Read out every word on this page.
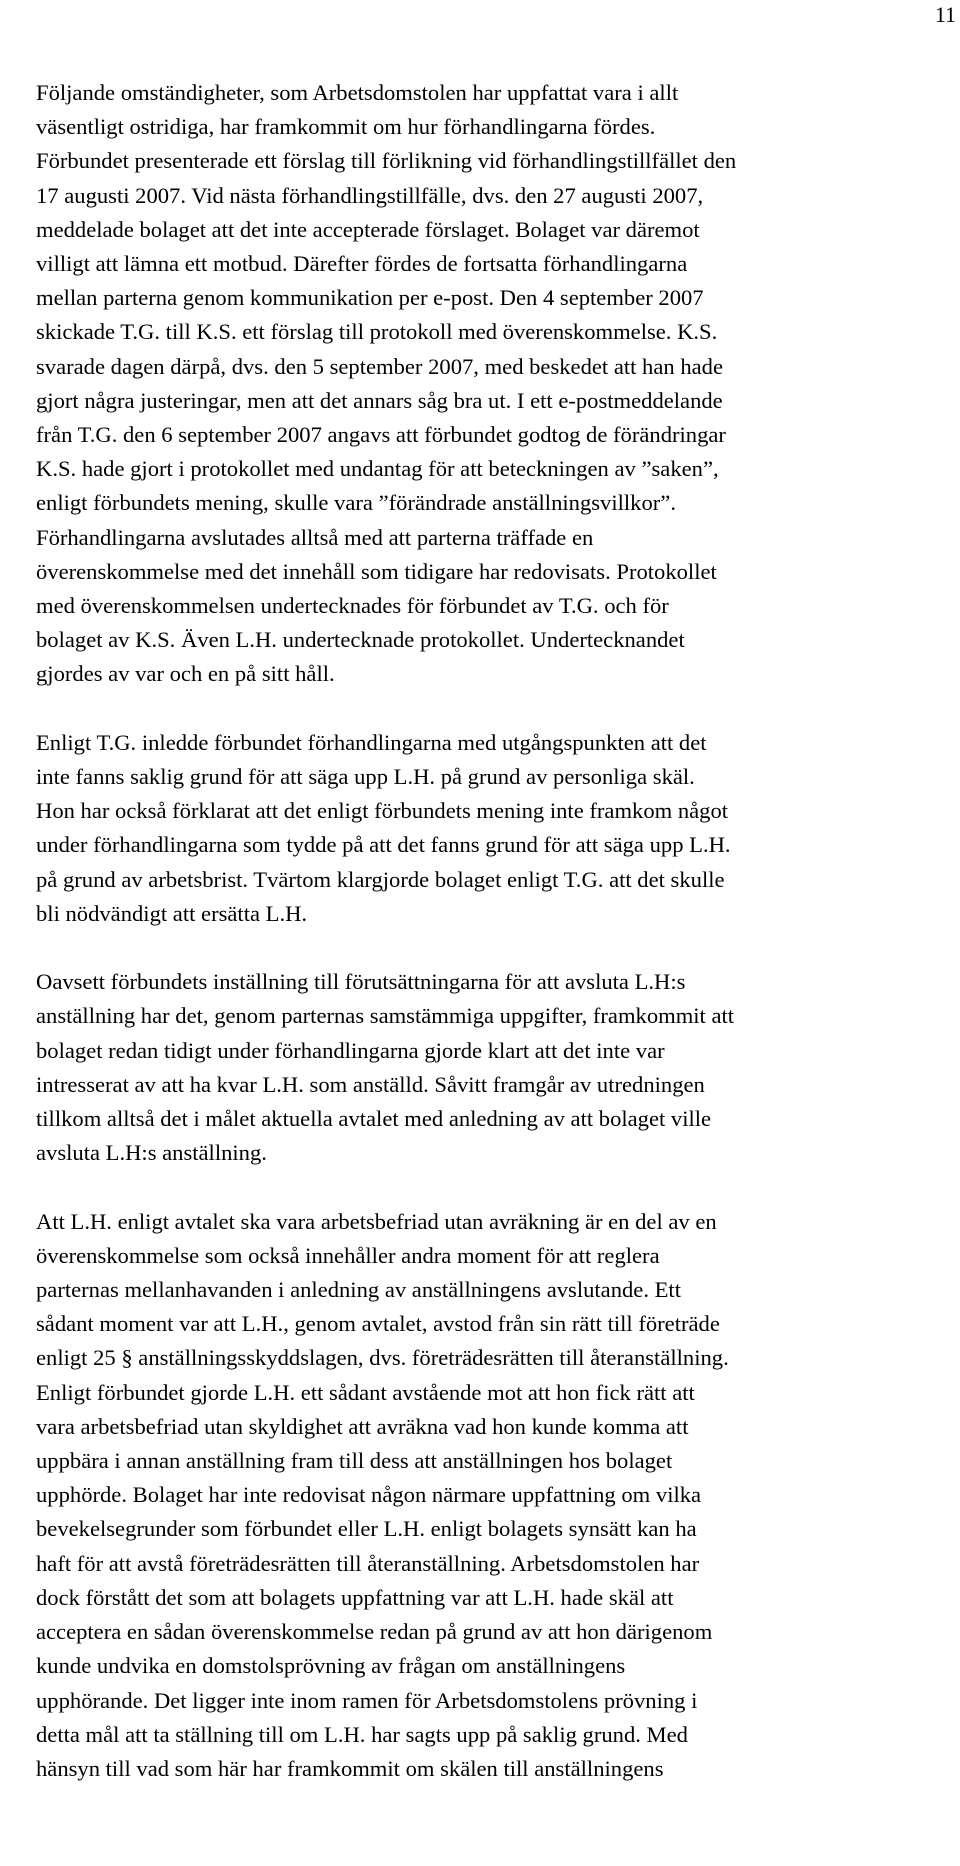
11
Följande omständigheter, som Arbetsdomstolen har uppfattat vara i allt
väsentligt ostridiga, har framkommit om hur förhandlingarna fördes.
Förbundet presenterade ett förslag till förlikning vid förhandlingstillfället den
17 augusti 2007. Vid nästa förhandlingstillfälle, dvs. den 27 augusti 2007,
meddelade bolaget att det inte accepterade förslaget. Bolaget var däremot
villigt att lämna ett motbud. Därefter fördes de fortsatta förhandlingarna
mellan parterna genom kommunikation per e-post. Den 4 september 2007
skickade T.G. till K.S. ett förslag till protokoll med överenskommelse. K.S.
svarade dagen därpå, dvs. den 5 september 2007, med beskedet att han hade
gjort några justeringar, men att det annars såg bra ut. I ett e-postmeddelande
från T.G. den 6 september 2007 angavs att förbundet godtog de förändringar
K.S. hade gjort i protokollet med undantag för att beteckningen av ”saken”,
enligt förbundets mening, skulle vara ”förändrade anställningsvillkor”.
Förhandlingarna avslutades alltså med att parterna träffade en
överenskommelse med det innehåll som tidigare har redovisats. Protokollet
med överenskommelsen undertecknades för förbundet av T.G. och för
bolaget av K.S. Även L.H. undertecknade protokollet. Undertecknandet
gjordes av var och en på sitt håll.
Enligt T.G. inledde förbundet förhandlingarna med utgångspunkten att det
inte fanns saklig grund för att säga upp L.H. på grund av personliga skäl.
Hon har också förklarat att det enligt förbundets mening inte framkom något
under förhandlingarna som tydde på att det fanns grund för att säga upp L.H.
på grund av arbetsbrist. Tvärtom klargjorde bolaget enligt T.G. att det skulle
bli nödvändigt att ersätta L.H.
Oavsett förbundets inställning till förutsättningarna för att avsluta L.H:s
anställning har det, genom parternas samstämmiga uppgifter, framkommit att
bolaget redan tidigt under förhandlingarna gjorde klart att det inte var
intresserat av att ha kvar L.H. som anställd. Såvitt framgår av utredningen
tillkom alltså det i målet aktuella avtalet med anledning av att bolaget ville
avsluta L.H:s anställning.
Att L.H. enligt avtalet ska vara arbetsbefriad utan avräkning är en del av en
överenskommelse som också innehåller andra moment för att reglera
parternas mellanhavanden i anledning av anställningens avslutande. Ett
sådant moment var att L.H., genom avtalet, avstod från sin rätt till företräde
enligt 25 § anställningsskyddslagen, dvs. företrädesrätten till återanställning.
Enligt förbundet gjorde L.H. ett sådant avstående mot att hon fick rätt att
vara arbetsbefriad utan skyldighet att avräkna vad hon kunde komma att
uppbära i annan anställning fram till dess att anställningen hos bolaget
upphörde. Bolaget har inte redovisat någon närmare uppfattning om vilka
bevekelsegrunder som förbundet eller L.H. enligt bolagets synsätt kan ha
haft för att avstå företrädesrätten till återanställning. Arbetsdomstolen har
dock förstått det som att bolagets uppfattning var att L.H. hade skäl att
acceptera en sådan överenskommelse redan på grund av att hon därigenom
kunde undvika en domstolsprövning av frågan om anställningens
upphörande. Det ligger inte inom ramen för Arbetsdomstolens prövning i
detta mål att ta ställning till om L.H. har sagts upp på saklig grund. Med
hänsyn till vad som här har framkommit om skälen till anställningens
